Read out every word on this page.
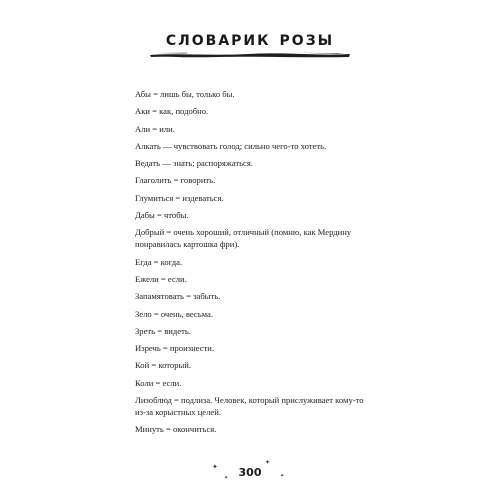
словарик розы

Абы = лишь бы, только бы.

Аки = как, подобно.

Али = или.

Алкать — чувствовать голод; сильно чего-то хотеть.

Ведать — знать; распоряжаться.

Глаголить = говорить.

Глумиться = издеваться.

Дабы = чтобы.

Добрый = очень хороший, отличный (помню, как Мердину понравилась картошка фри).

Егда = когда.

Ежели = если.

Запамятовать = забыть.

Зело = очень, весьма.

Зреть = видеть.

Изречь = произнести.

Кой = который.

Коли = если.

Лизоблюд = подлиза. Человек, который прислуживает кому-то из-за корыстных целей.

Минуть = окончиться.

✦
✦
✦
✦
300
